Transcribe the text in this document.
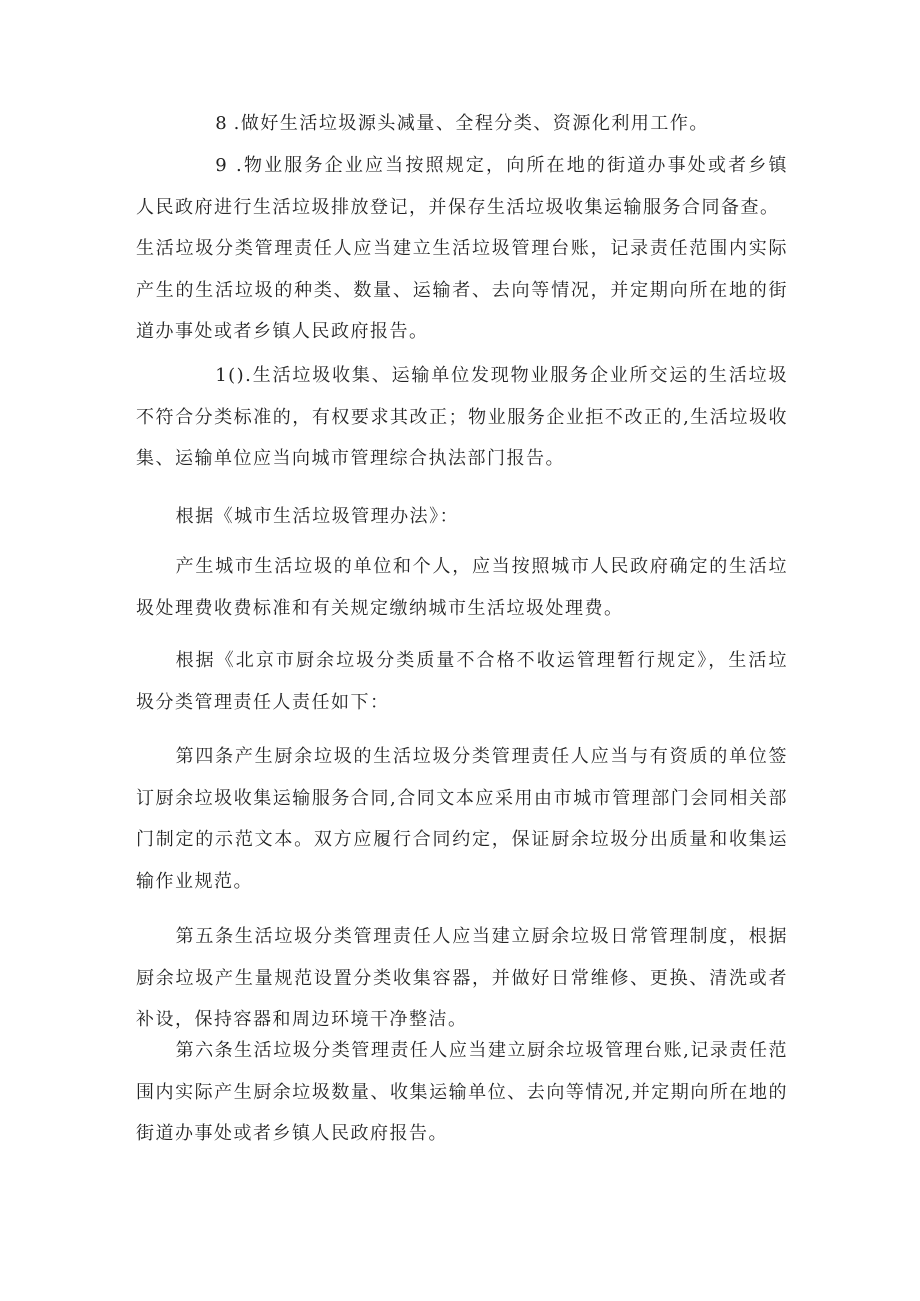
8 .做好生活垃圾源头减量、全程分类、资源化利用工作。

9 .物业服务企业应当按照规定，向所在地的街道办事处或者乡镇人民政府进行生活垃圾排放登记，并保存生活垃圾收集运输服务合同备查。

生活垃圾分类管理责任人应当建立生活垃圾管理台账，记录责任范围内实际产生的生活垃圾的种类、数量、运输者、去向等情况，并定期向所在地的街道办事处或者乡镇人民政府报告。

1().生活垃圾收集、运输单位发现物业服务企业所交运的生活垃圾不符合分类标准的，有权要求其改正；物业服务企业拒不改正的,生活垃圾收集、运输单位应当向城市管理综合执法部门报告。

根据《城市生活垃圾管理办法》：

产生城市生活垃圾的单位和个人，应当按照城市人民政府确定的生活垃圾处理费收费标准和有关规定缴纳城市生活垃圾处理费。

根据《北京市厨余垃圾分类质量不合格不收运管理暂行规定》，生活垃圾分类管理责任人责任如下：

第四条产生厨余垃圾的生活垃圾分类管理责任人应当与有资质的单位签订厨余垃圾收集运输服务合同,合同文本应采用由市城市管理部门会同相关部门制定的示范文本。双方应履行合同约定，保证厨余垃圾分出质量和收集运输作业规范。

第五条生活垃圾分类管理责任人应当建立厨余垃圾日常管理制度，根据厨余垃圾产生量规范设置分类收集容器，并做好日常维修、更换、清洗或者补设，保持容器和周边环境干净整洁。

第六条生活垃圾分类管理责任人应当建立厨余垃圾管理台账,记录责任范围内实际产生厨余垃圾数量、收集运输单位、去向等情况,并定期向所在地的街道办事处或者乡镇人民政府报告。
